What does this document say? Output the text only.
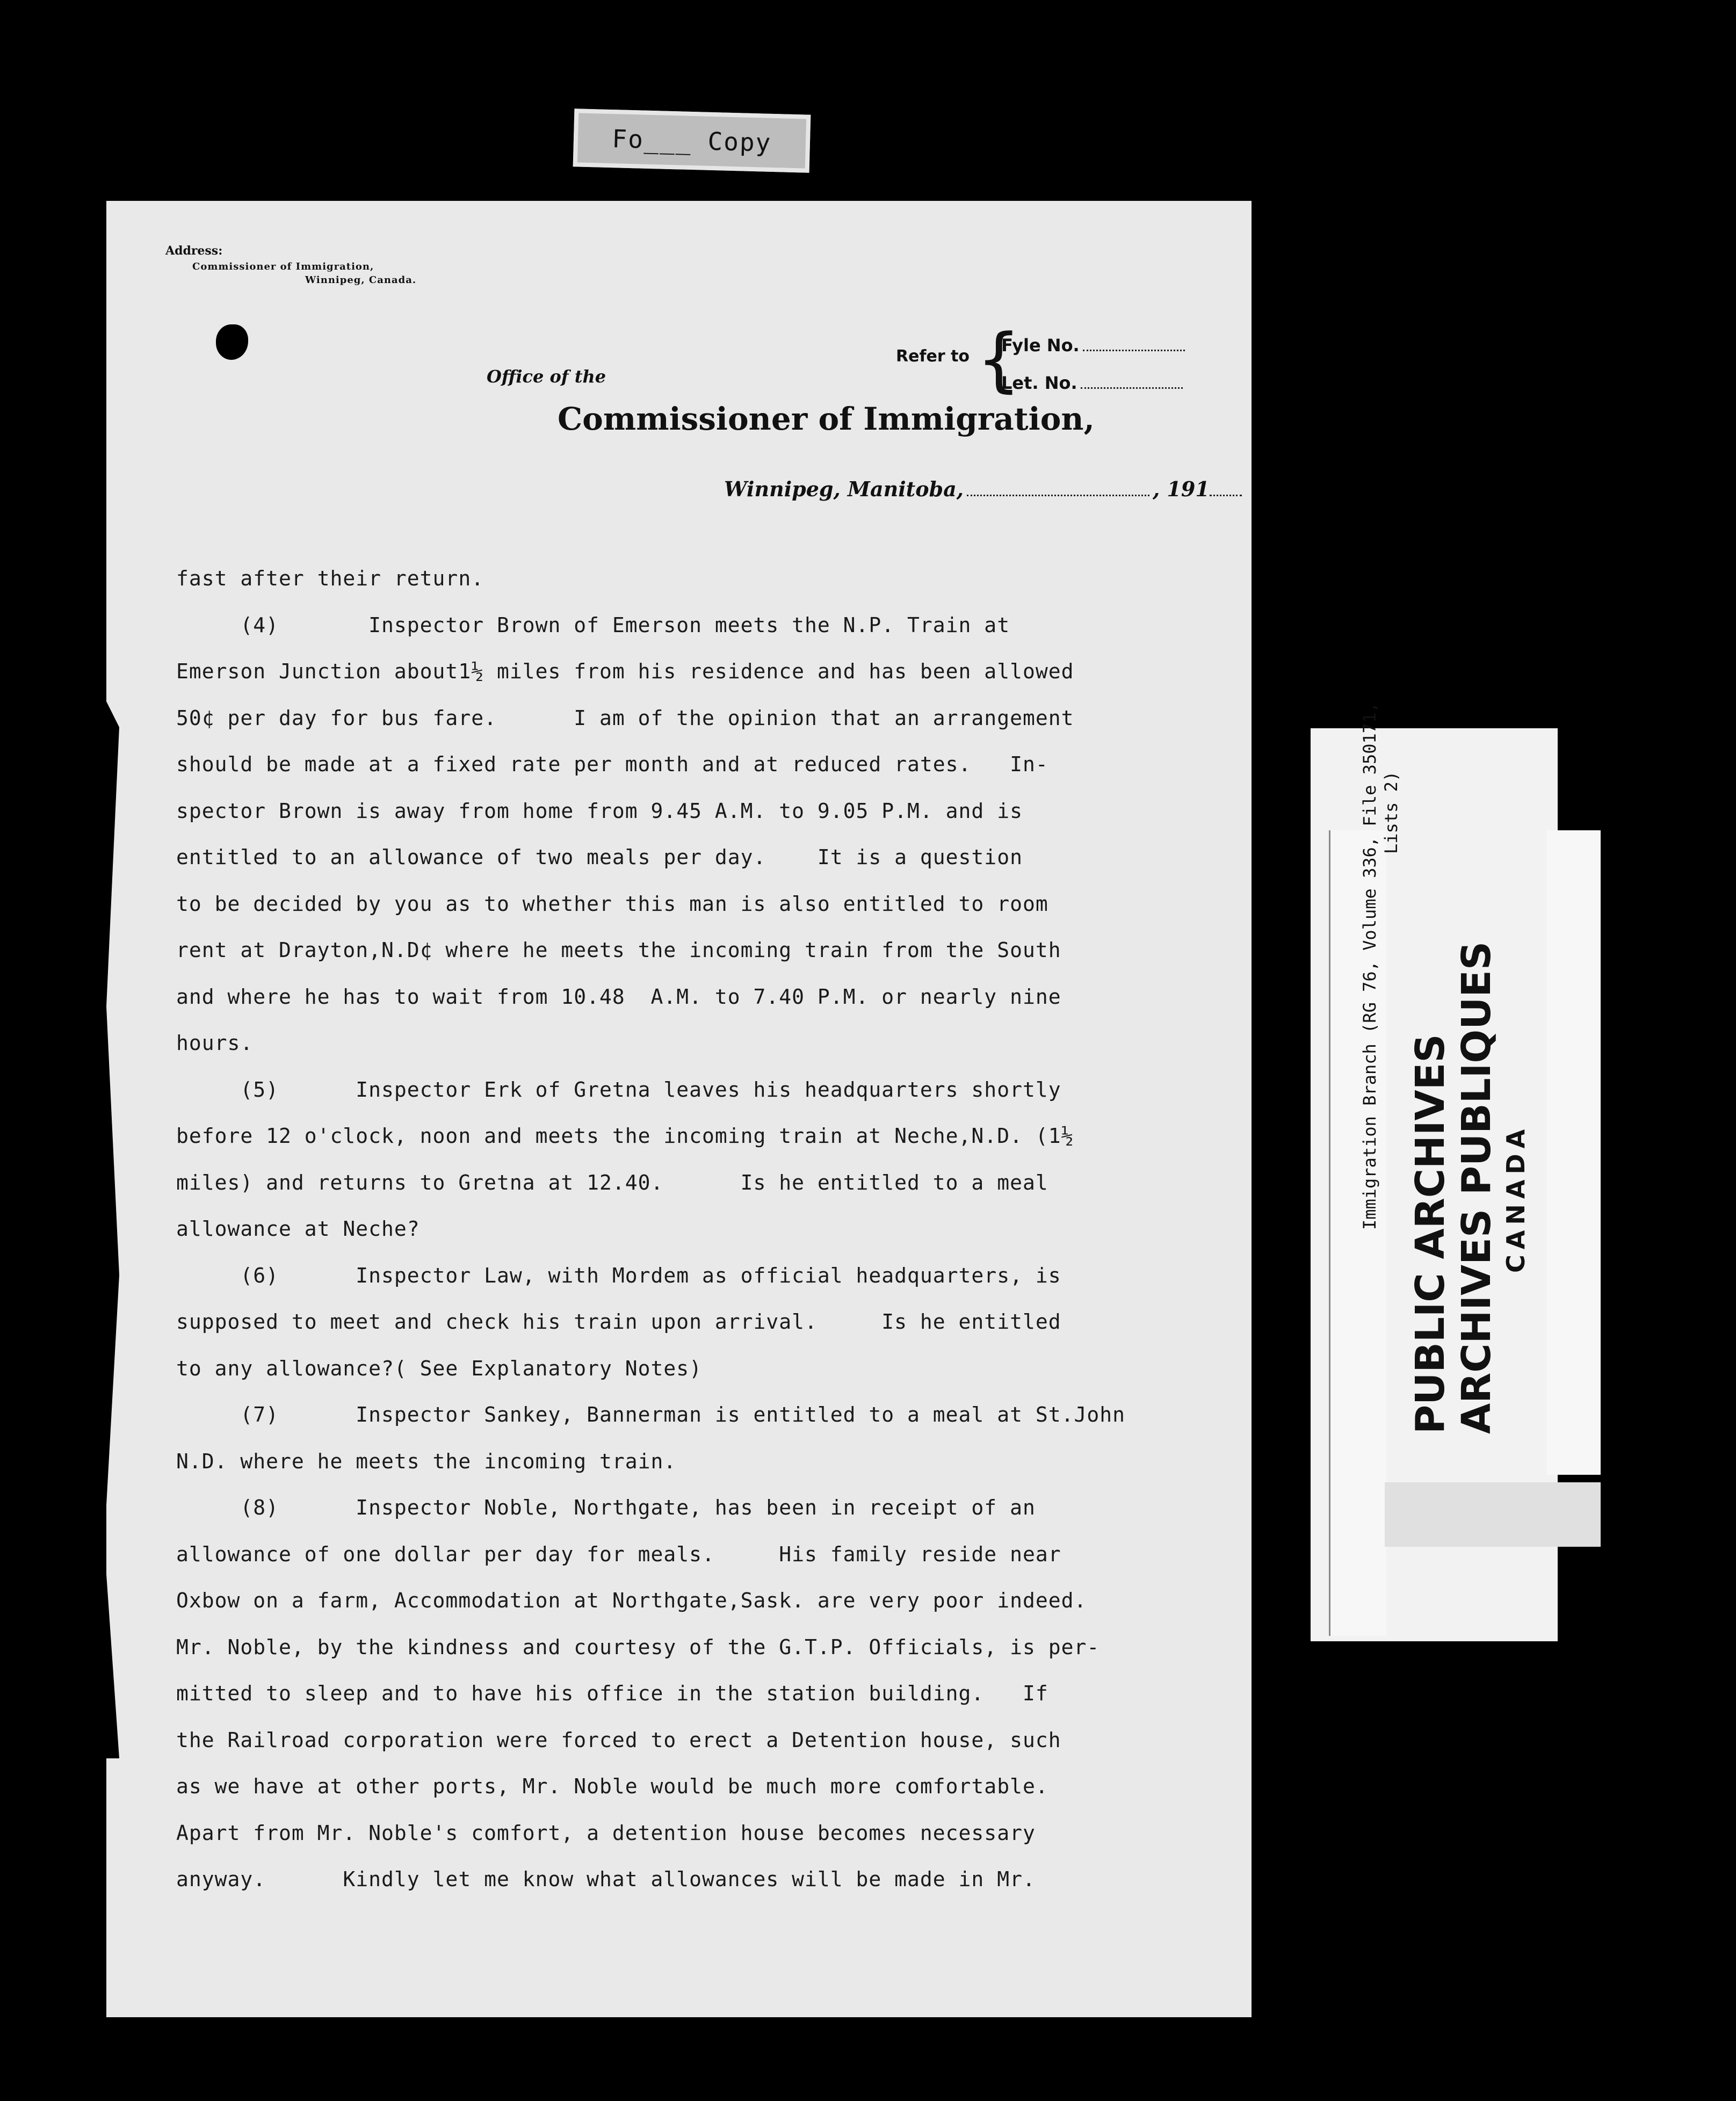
Fo___ Copy
Address:
Commissioner of Immigration,
Winnipeg, Canada.
Refer to {
Fyle No.
Let. No.
Office of the
Commissioner of Immigration,
Winnipeg, Manitoba,	, 191
fast after their return.
(4)       Inspector Brown of Emerson meets the N.P. Train at
Emerson Junction about1½ miles from his residence and has been allowed
50¢ per day for bus fare.      I am of the opinion that an arrangement
should be made at a fixed rate per month and at reduced rates.   In-
spector Brown is away from home from 9.45 A.M. to 9.05 P.M. and is
entitled to an allowance of two meals per day.    It is a question
to be decided by you as to whether this man is also entitled to room
rent at Drayton,N.D¢ where he meets the incoming train from the South
and where he has to wait from 10.48  A.M. to 7.40 P.M. or nearly nine
hours.
(5)      Inspector Erk of Gretna leaves his headquarters shortly
before 12 o'clock, noon and meets the incoming train at Neche,N.D. (1½
miles) and returns to Gretna at 12.40.      Is he entitled to a meal
allowance at Neche?
(6)      Inspector Law, with Mordem as official headquarters, is
supposed to meet and check his train upon arrival.     Is he entitled
to any allowance?( See Explanatory Notes)
(7)      Inspector Sankey, Bannerman is entitled to a meal at St.John
N.D. where he meets the incoming train.
(8)      Inspector Noble, Northgate, has been in receipt of an
allowance of one dollar per day for meals.     His family reside near
Oxbow on a farm, Accommodation at Northgate,Sask. are very poor indeed.
Mr. Noble, by the kindness and courtesy of the G.T.P. Officials, is per-
mitted to sleep and to have his office in the station building.   If
the Railroad corporation were forced to erect a Detention house, such
as we have at other ports, Mr. Noble would be much more comfortable.
Apart from Mr. Noble's comfort, a detention house becomes necessary
anyway.      Kindly let me know what allowances will be made in Mr.
Immigration Branch (RG 76, Volume 336, File 350171, Lists 2)
PUBLIC ARCHIVES ARCHIVES PUBLIQUES CANADA
